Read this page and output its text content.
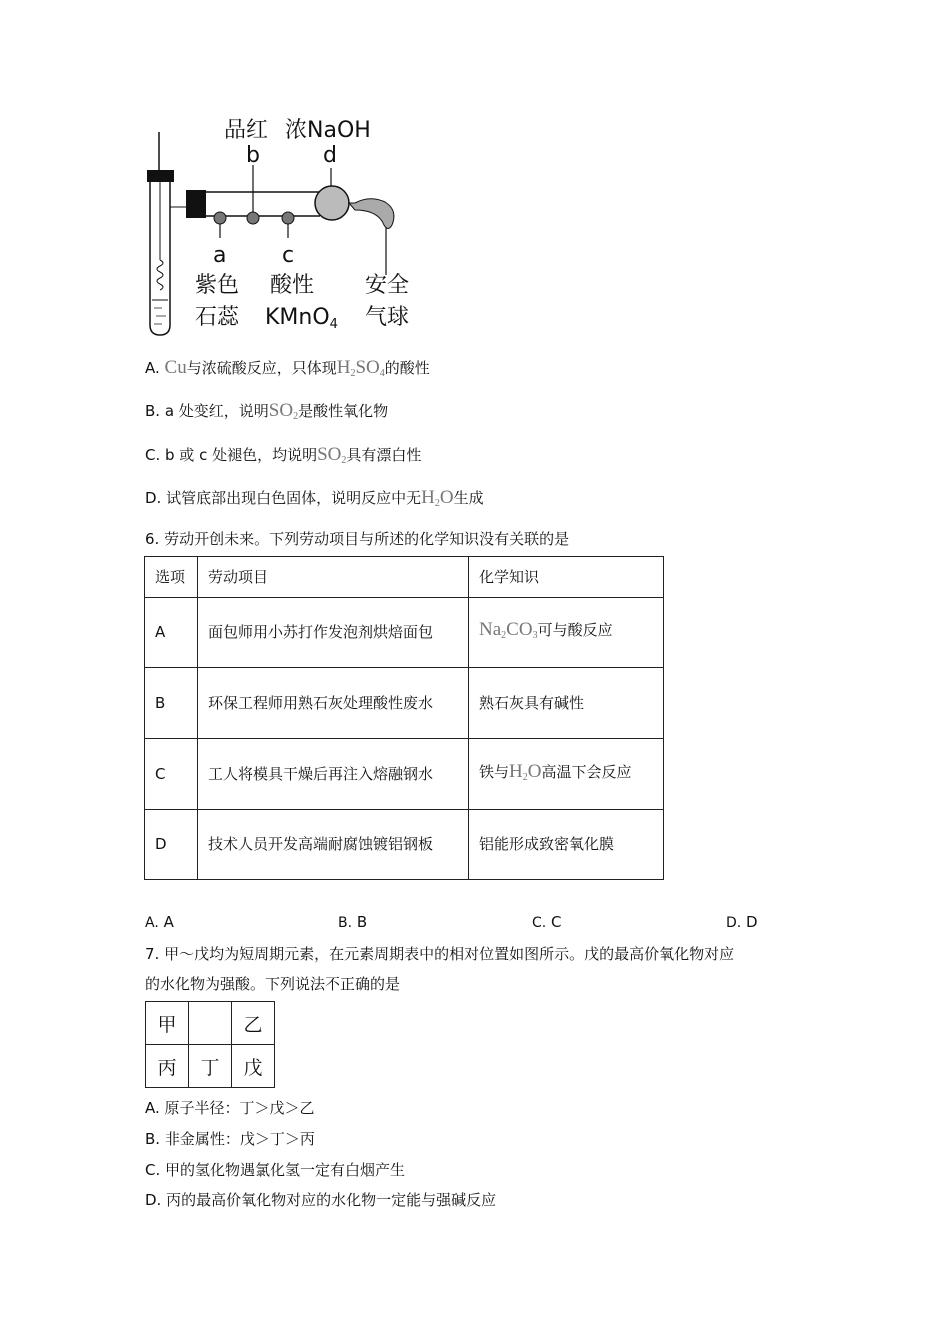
品红 浓NaOH
b	d
a	c
紫色
石蕊
酸性
KMnO4
安全
气球
A. Cu与浓硫酸反应，只体现$H_2SO_4$的酸性
B. a 处变红，说明$SO_2$是酸性氧化物
C. b 或 c 处褪色，均说明$SO_2$具有漂白性
D. 试管底部出现白色固体，说明反应中无$H_2O$生成
6. 劳动开创未来。下列劳动项目与所述的化学知识没有关联的是
选项	劳动项目	化学知识
A	面包师用小苏打作发泡剂烘焙面包	$Na_2CO_3$可与酸反应
B	环保工程师用熟石灰处理酸性废水	熟石灰具有碱性
C	工人将模具干燥后再注入熔融钢水	铁与$H_2O$高温下会反应
D	技术人员开发高端耐腐蚀镀铝钢板	铝能形成致密氧化膜
A. A	B. B	C. C	D. D
7. 甲～戊均为短周期元素，在元素周期表中的相对位置如图所示。戊的最高价氧化物对应
的水化物为强酸。下列说法不正确的是
甲		乙
丙	丁	戊
A. 原子半径：丁＞戊＞乙
B. 非金属性：戊＞丁＞丙
C. 甲的氢化物遇氯化氢一定有白烟产生
D. 丙的最高价氧化物对应的水化物一定能与强碱反应
